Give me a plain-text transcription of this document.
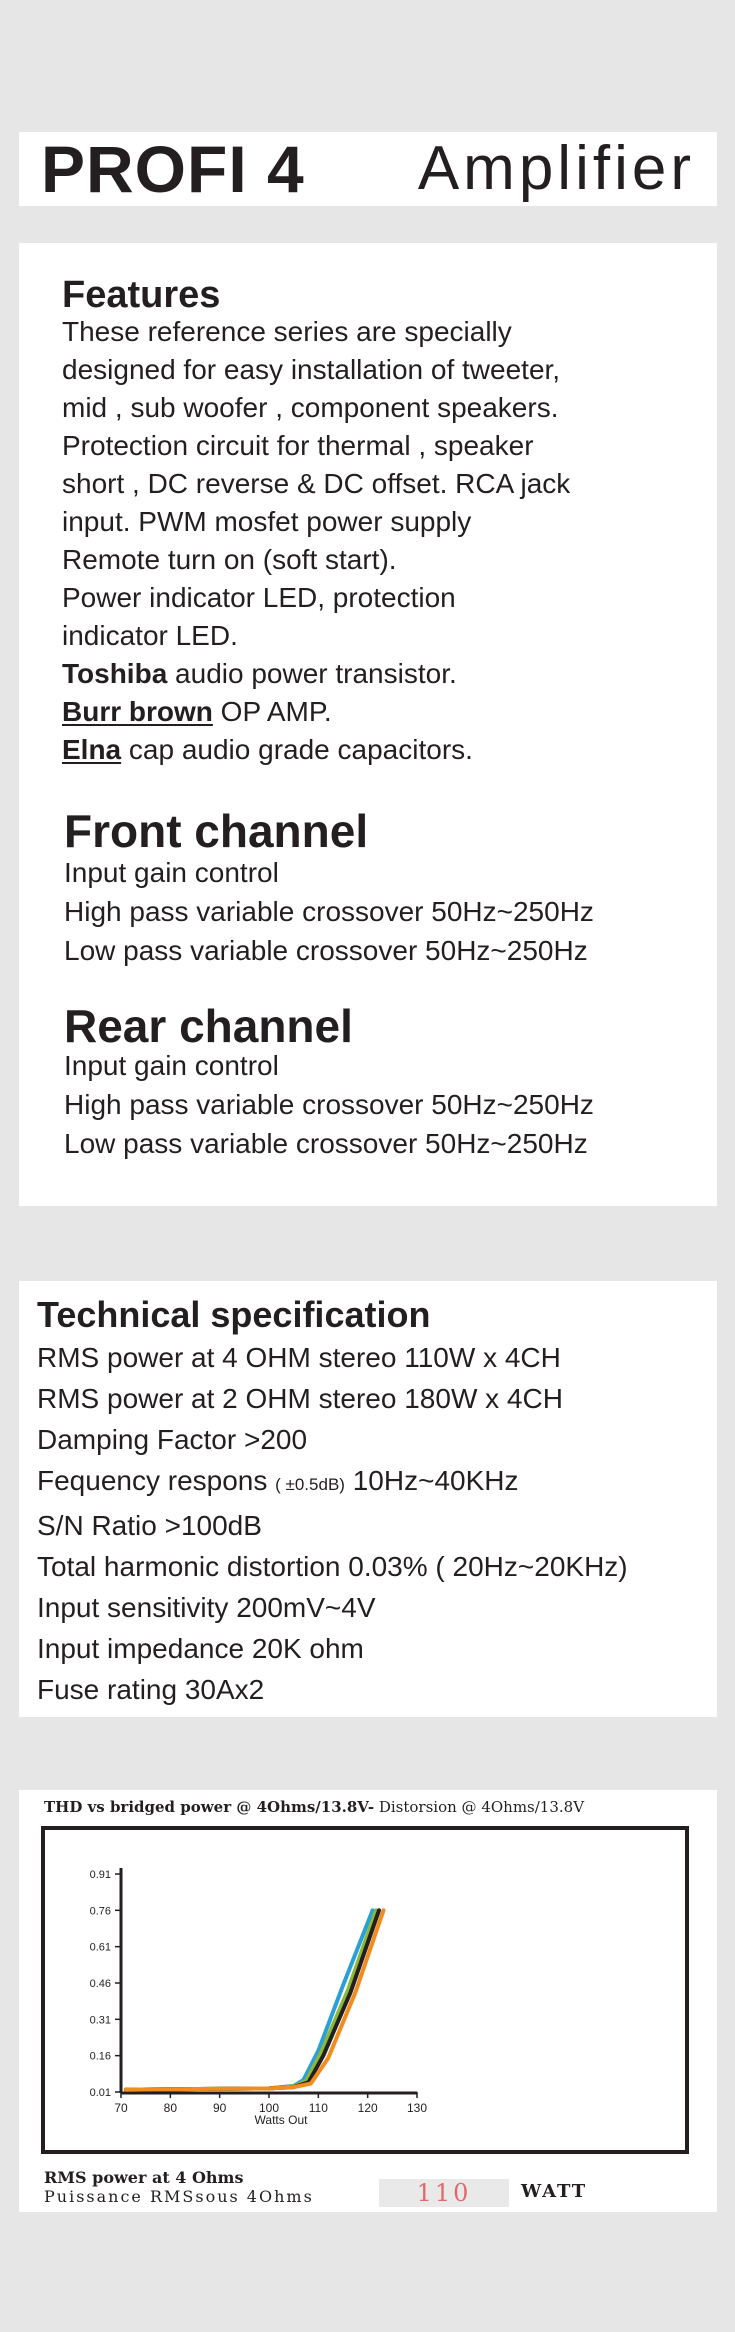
PROFI 4 Amplifier
Features
These reference series are specially
designed for easy installation of tweeter,
mid , sub woofer , component speakers.
Protection circuit for thermal , speaker
short , DC reverse & DC offset. RCA jack
input. PWM mosfet power supply
Remote turn on (soft start).
Power indicator LED, protection
indicator LED.
Toshiba audio power transistor.
Burr brown OP AMP.
Elna cap audio grade capacitors.
Front channel
Input gain control
High pass variable crossover 50Hz~250Hz
Low pass variable crossover 50Hz~250Hz
Rear channel
Input gain control
High pass variable crossover 50Hz~250Hz
Low pass variable crossover 50Hz~250Hz
Technical specification
RMS power at 4 OHM stereo 110W x 4CH
RMS power at 2 OHM stereo 180W x 4CH
Damping Factor >200
Fequency respons ( ±0.5dB) 10Hz~40KHz
S/N Ratio >100dB
Total harmonic distortion 0.03% ( 20Hz~20KHz)
Input sensitivity 200mV~4V
Input impedance 20K ohm
Fuse rating 30Ax2
THD vs bridged power @ 4Ohms/13.8V- Distorsion @ 4Ohms/13.8V
0.91
0.76
0.61
0.46
0.31
0.16
0.01
70	80	90	100 110 120 130
Watts Out
RMS power at 4 Ohms
Puissance RMSsous 4Ohms	110	WATT
